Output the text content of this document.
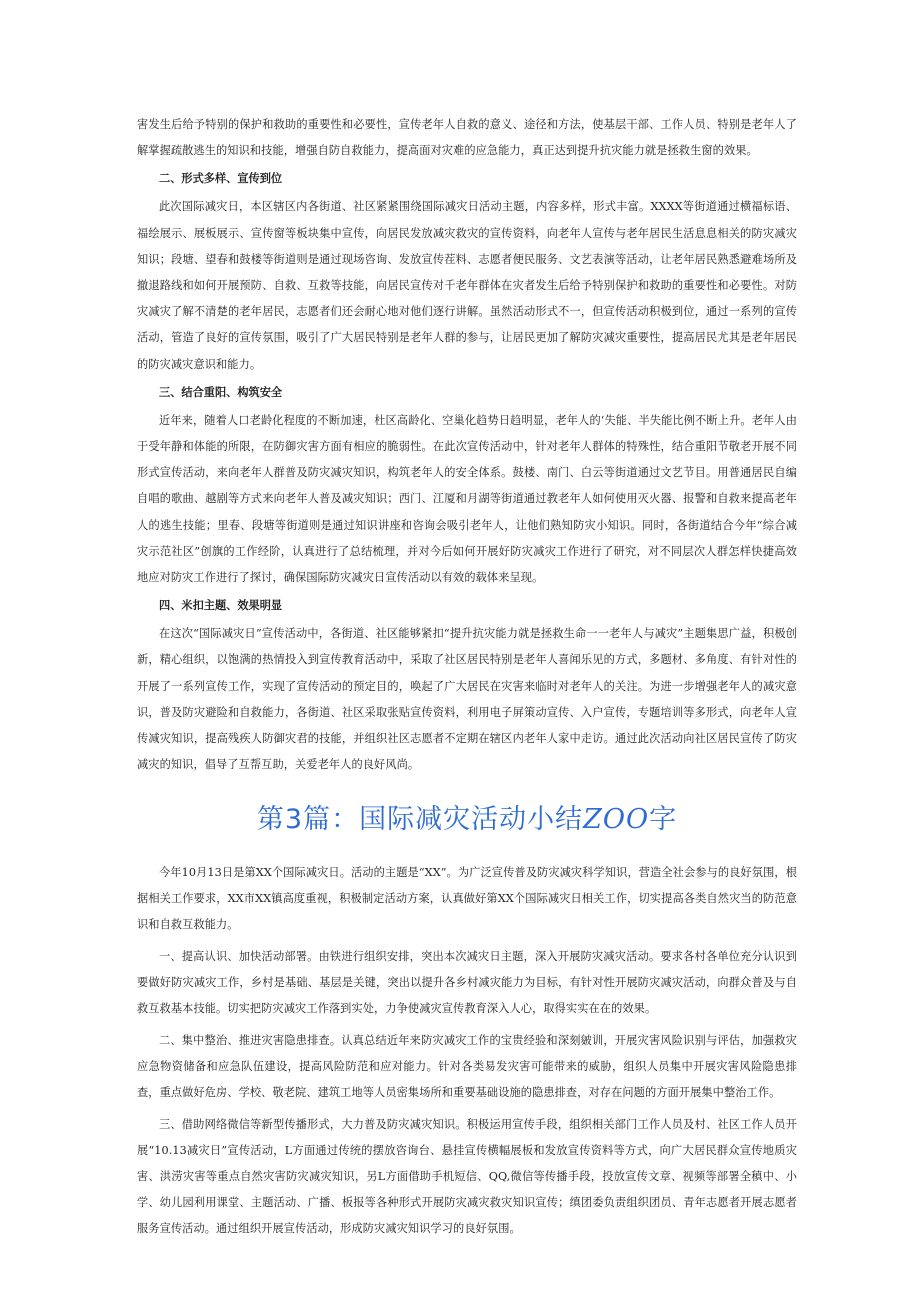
害发生后给予特别的保护和救助的重要性和必要性，宣传老年人自救的意义、途径和方法，使基层干部、工作人员、特别是老年人了解掌握疏散逃生的知识和技能，增强自防自救能力，提高面对灾难的应急能力，真正达到提升抗灾能力就是拯救生窗的效果。

二、形式多样、宣传到位

此次国际减灾日，本区辖区内各街道、社区紧紧围绕国际减灾日活动主题，内容多样，形式丰富。XXXX等街道通过横福标语、福绘展示、展板展示、宣传窗等板块集中宣传，向居民发放减灾救灾的宣传资料，向老年人宣传与老年居民生活息息相关的防灾减灾知识；段塘、望春和鼓楼等街道则是通过现场咨询、发放宣传茬料、志愿者便民服务、文艺表演等活动，让老年居民熟悉避难场所及撤退路线和如何开展预防、自救、互救等技能，向居民宣传对千老年群体在灾者发生后给予特别保护和救助的重要性和必要性。对防灾减灾了解不清楚的老年居民，志愿者们还会耐心地对他们逐行讲解。虽然活动形式不一，但宣传活动积极到位，通过一系列的宣传活动，管造了良好的宣传氛围，吸引了广大居民特别是老年人群的参与，让居民更加了解防灾减灾重要性，提高居民尤其是老年居民的防灾减灾意识和能力。

三、结合重阳、构筑安全

近年来，随着人口老龄化程度的不断加速，杜区高龄化、空巢化趋势日趋明显，老年人的‘失能、半失能比例不断上升。老年人由于受年静和体能的所限，在防御灾害方面有相应的脆弱性。在此次宣传活动中，针对老年人群体的特殊性，结合重阳节敬老开展不同形式宣传活动，来向老年人群普及防灾减灾知识，构筑老年人的安全体系。鼓楼、南门、白云等街道通过文艺节目。用普通居民自编自唱的歌曲、越剧等方式来向老年人普及减灾知识；西门、江厦和月湖等街道通过教老年人如何使用灭火器、报警和自救来提高老年人的逃生技能；里春、段塘等街道则是通过知识讲座和咨询会吸引老年人，让他们熟知防灾小知识。同时，各街道结合今年“综合减灾示范社区”创旗的工作经阶，认真进行了总结梳理，并对今后如何开展好防灾减灾工作进行了研究，对不同层次人群怎样快捷高效地应对防灾工作进行了探讨，确保国际防灾减灾日宣传活动以有效的载体来呈现。

四、米扣主题、效果明显

在这次“国际减灾日”宣传活动中，各街道、社区能够紧扣“提升抗灾能力就是拯救生命一一老年人与减灾”主题集思广益，积极创新，精心组织，以饱满的热情投入到宣传教育活动中，采取了社区居民特别是老年人喜闻乐见的方式，多题材、多角度、有针对性的开展了一系列宣传工作，实现了宣传活动的预定目的，唤起了广大居民在灾害来临时对老年人的关注。为进一步增强老年人的减灾意识，普及防灾避险和自救能力，各街道、社区采取张贴宣传资料，利用电子屏策动宣传、入户宣传，专题培训等多形式，向老年人宣传减灾知识，提高残疾人防御灾君的技能，并组织社区志愿者不定期在辖区内老年人家中走访。通过此次活动向社区居民宣传了防灾减灾的知识，倡导了互帮互助，关爱老年人的良好风尚。

第3篇：国际减灾活动小结ZOO字

今年10月13日是第XX个国际减灾日。活动的主题是“XX”。为广泛宣传普及防灾减灾科学知识，营造全社会参与的良好氛围，根据相关工作要求，XX市XX镇高度重视，积极制定活动方案，认真做好第XX个国际减灾日相关工作，切实提高各类自然灾当的防范意识和自救互救能力。

一、提高认识、加快活动部署。由铁进行组织安排，突出本次减灾日主题，深入开展防灾减灾活动。要求各村各单位充分认识到要做好防灾减灾工作，乡村是基础、基层是关键，突出以提升各乡村减灾能力为目标，有针对性开展防灾减灾活动，向群众普及与自救互救基本技能。切实把防灾减灾工作落到实处，力争使减灾宣传教育深入人心，取得实实在在的效果。

二、集中整治、推进灾害隐患排查。认真总结近年来防灾减灾工作的宝贵经验和深刻皴训，开展灾害风险识别与评估，加强救灾应急物资储备和应急队伍建设，提高风险防范和应对能力。针对各类易发灾害可能带来的威胁，组织人员集中开展灾害风险隐患排查，重点做好危房、学校、敬老院、建筑工地等人员密集场所和重要基础设施的隐患排查，对存在问题的方面开展集中整治工作。

三、借助网络微信等新型传播形式，大力普及防灾减灾知识。积极运用宣传手段，组织相关部门工作人员及村、社区工作人员开展“10.13减灾日”宣传活动，L方面通过传统的摆放咨询台、悬挂宣传横幅展板和发放宣传资料等方式，向广大居民群众宣传地质灾害、洪涝灾害等重点自然灾害防灾减灾知识，另L方面借助手机短信、QQ,微信等传播手段，投放宣传文章、视频等部署全稹中、小学、幼儿园利用课堂、主题活动、广播、板报等各种形式开展防灾减灾救灾知识宣传；缜团委负责组织团员、青年志愿者开展志愿者服务宣传活动。通过组织开展宣传活动，形成防灾减灾知识学习的良好氛围。
